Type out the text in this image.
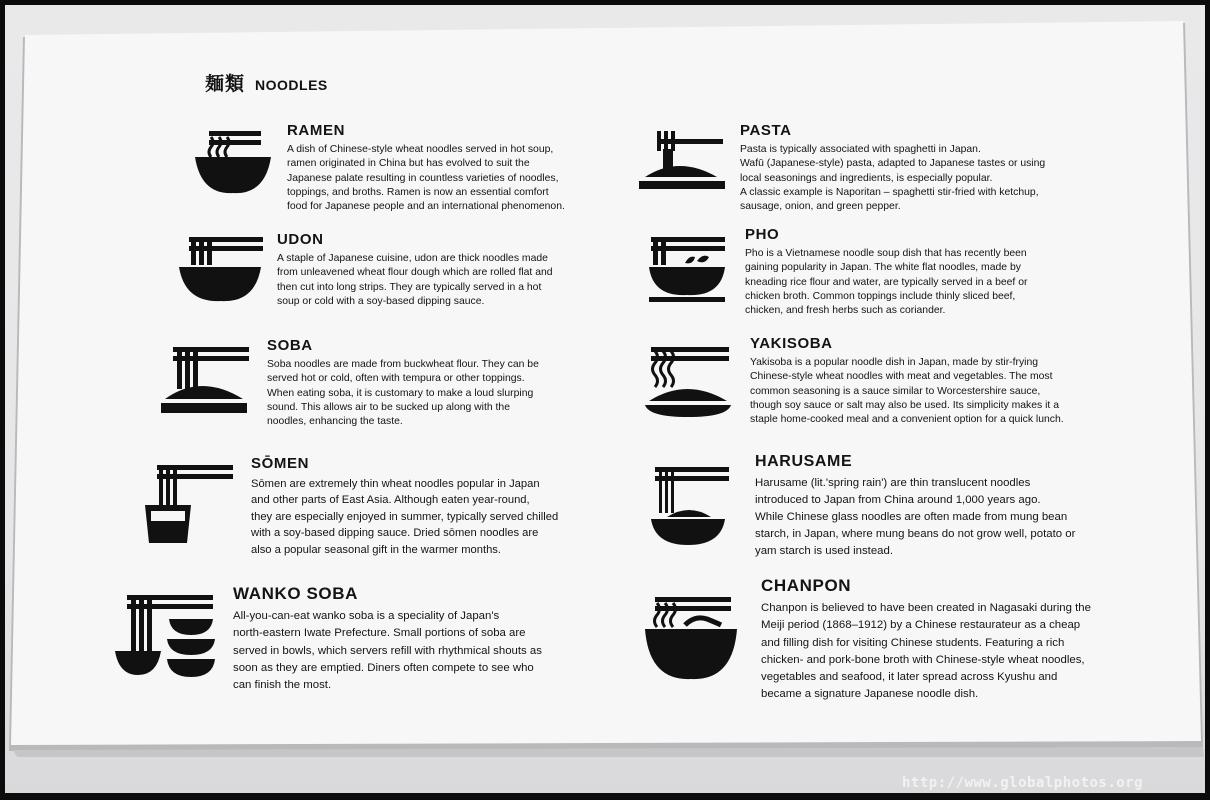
麺類 NOODLES
RAMEN
A dish of Chinese-style wheat noodles served in hot soup,
ramen originated in China but has evolved to suit the
Japanese palate resulting in countless varieties of noodles,
toppings, and broths. Ramen is now an essential comfort
food for Japanese people and an international phenomenon.
UDON
A staple of Japanese cuisine, udon are thick noodles made
from unleavened wheat flour dough which are rolled flat and
then cut into long strips. They are typically served in a hot
soup or cold with a soy-based dipping sauce.
SOBA
Soba noodles are made from buckwheat flour. They can be
served hot or cold, often with tempura or other toppings.
When eating soba, it is customary to make a loud slurping
sound. This allows air to be sucked up along with the
noodles, enhancing the taste.
SŌMEN
Sōmen are extremely thin wheat noodles popular in Japan
and other parts of East Asia. Although eaten year-round,
they are especially enjoyed in summer, typically served chilled
with a soy-based dipping sauce. Dried sōmen noodles are
also a popular seasonal gift in the warmer months.
WANKO SOBA
All-you-can-eat wanko soba is a speciality of Japan's
north-eastern Iwate Prefecture. Small portions of soba are
served in bowls, which servers refill with rhythmical shouts as
soon as they are emptied. Diners often compete to see who
can finish the most.
PASTA
Pasta is typically associated with spaghetti in Japan.
Wafū (Japanese-style) pasta, adapted to Japanese tastes or using
local seasonings and ingredients, is especially popular.
A classic example is Naporitan – spaghetti stir-fried with ketchup,
sausage, onion, and green pepper.
PHO
Pho is a Vietnamese noodle soup dish that has recently been
gaining popularity in Japan. The white flat noodles, made by
kneading rice flour and water, are typically served in a beef or
chicken broth. Common toppings include thinly sliced beef,
chicken, and fresh herbs such as coriander.
YAKISOBA
Yakisoba is a popular noodle dish in Japan, made by stir-frying
Chinese-style wheat noodles with meat and vegetables. The most
common seasoning is a sauce similar to Worcestershire sauce,
though soy sauce or salt may also be used. Its simplicity makes it a
staple home-cooked meal and a convenient option for a quick lunch.
HARUSAME
Harusame (lit.'spring rain') are thin translucent noodles
introduced to Japan from China around 1,000 years ago.
While Chinese glass noodles are often made from mung bean
starch, in Japan, where mung beans do not grow well, potato or
yam starch is used instead.
CHANPON
Chanpon is believed to have been created in Nagasaki during the
Meiji period (1868–1912) by a Chinese restaurateur as a cheap
and filling dish for visiting Chinese students. Featuring a rich
chicken- and pork-bone broth with Chinese-style wheat noodles,
vegetables and seafood, it later spread across Kyushu and
became a signature Japanese noodle dish.
http://www.globalphotos.org
